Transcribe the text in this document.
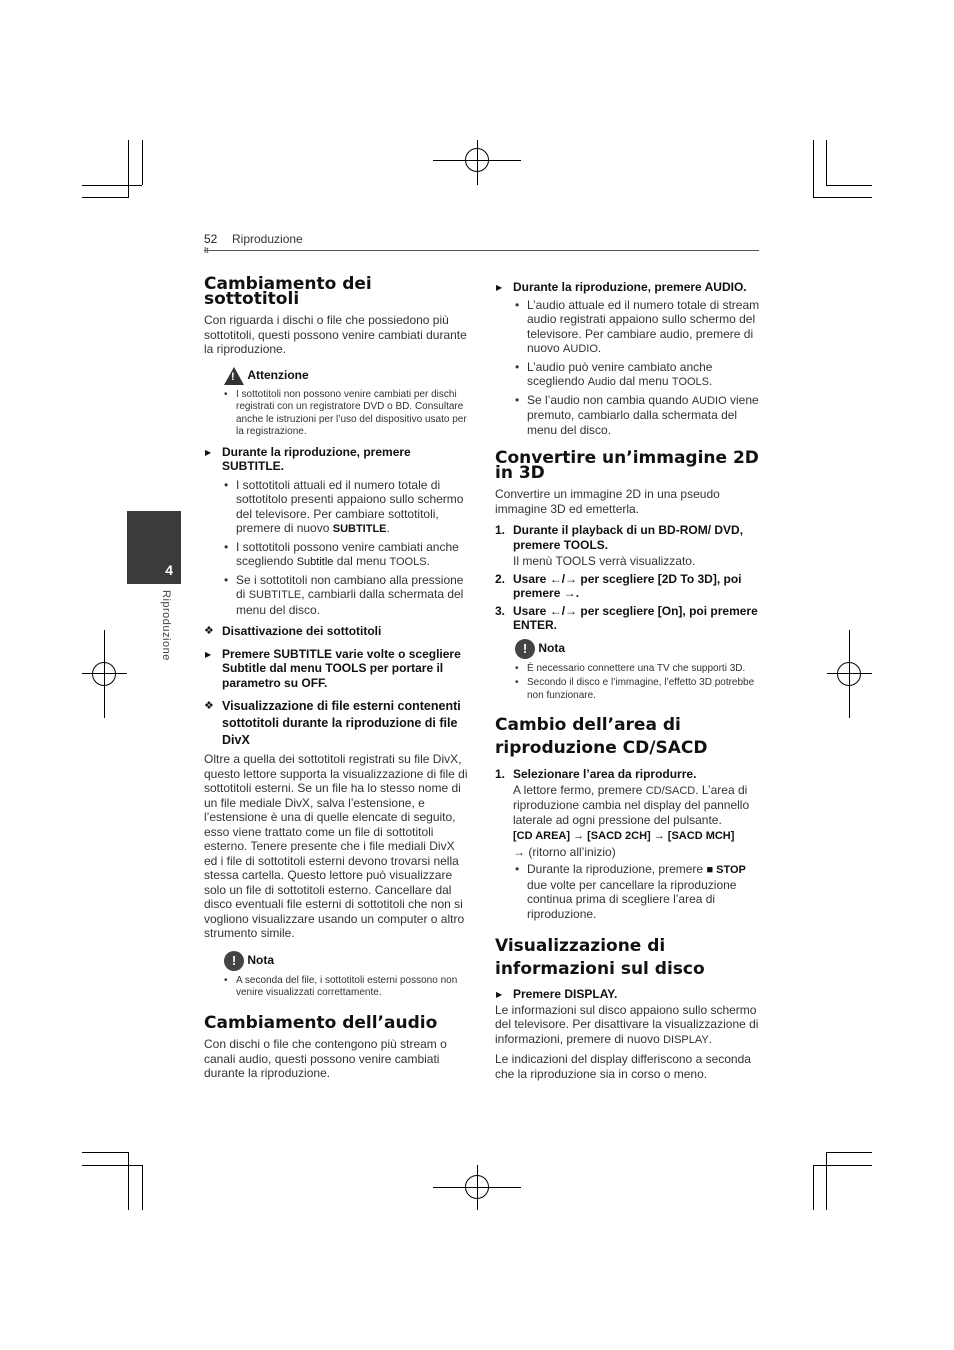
52 Riproduzione
4
Riproduzione
Cambiamento dei sottotitoli
Con riguarda i dischi o file che possiedono più sottotitoli, questi possono venire cambiati durante la riproduzione.
! Attenzione
• I sottotitoli non possono venire cambiati per dischi registrati con un registratore DVD o BD. Consultare anche le istruzioni per l’uso del dispositivo usato per la registrazione.
▶ Durante la riproduzione, premere SUBTITLE.
• I sottotitoli attuali ed il numero totale di sottotitolo presenti appaiono sullo schermo del televisore. Per cambiare sottotitoli, premere di nuovo SUBTITLE.
• I sottotitoli possono venire cambiati anche scegliendo Subtitle dal menu TOOLS.
• Se i sottotitoli non cambiano alla pressione di SUBTITLE, cambiarli dalla schermata del menu del disco.
❖ Disattivazione dei sottotitoli
▶ Premere SUBTITLE varie volte o scegliere Subtitle dal menu TOOLS per portare il parametro su OFF.
❖ Visualizzazione di file esterni contenenti sottotitoli durante la riproduzione di file DivX
Oltre a quella dei sottotitoli registrati su file DivX, questo lettore supporta la visualizzazione di file di sottotitoli esterni. Se un file ha lo stesso nome di un file mediale DivX, salva l’estensione, e l’estensione è una di quelle elencate di seguito, esso viene trattato come un file di sottotitoli esterno. Tenere presente che i file mediali DivX ed i file di sottotitoli esterni devono trovarsi nella stessa cartella. Questo lettore può visualizzare solo un file di sottotitoli esterno. Cancellare dal disco eventuali file esterni di sottotitoli che non si vogliono visualizzare usando un computer o altro strumento simile.
! Nota
• A seconda del file, i sottotitoli esterni possono non venire visualizzati correttamente.
Cambiamento dell’audio
Con dischi o file che contengono più stream o canali audio, questi possono venire cambiati durante la riproduzione.
▶ Durante la riproduzione, premere AUDIO.
• L’audio attuale ed il numero totale di stream audio registrati appaiono sullo schermo del televisore. Per cambiare audio, premere di nuovo AUDIO.
• L’audio può venire cambiato anche scegliendo Audio dal menu TOOLS.
• Se l’audio non cambia quando AUDIO viene premuto, cambiarlo dalla schermata del menu del disco.
Convertire un’immagine 2D in 3D
Convertire un immagine 2D in una pseudo immagine 3D ed emetterla.
1. Durante il playback di un BD-ROM/ DVD, premere TOOLS.
Il menù TOOLS verrà visualizzato.
2. Usare ←/→ per scegliere [2D To 3D], poi premere →.
3. Usare ←/→ per scegliere [On], poi premere ENTER.
! Nota
• È necessario connettere una TV che supporti 3D.
• Secondo il disco e l’immagine, l’effetto 3D potrebbe non funzionare.
Cambio dell’area di riproduzione CD/SACD
1. Selezionare l’area da riprodurre.
A lettore fermo, premere CD/SACD. L’area di riproduzione cambia nel display del pannello laterale ad ogni pressione del pulsante.
[CD AREA] → [SACD 2CH] → [SACD MCH]
→ (ritorno all’inizio)
• Durante la riproduzione, premere ■ STOP due volte per cancellare la riproduzione continua prima di scegliere l’area di riproduzione.
Visualizzazione di informazioni sul disco
▶ Premere DISPLAY.
Le informazioni sul disco appaiono sullo schermo del televisore. Per disattivare la visualizzazione di informazioni, premere di nuovo DISPLAY.
Le indicazioni del display differiscono a seconda che la riproduzione sia in corso o meno.
